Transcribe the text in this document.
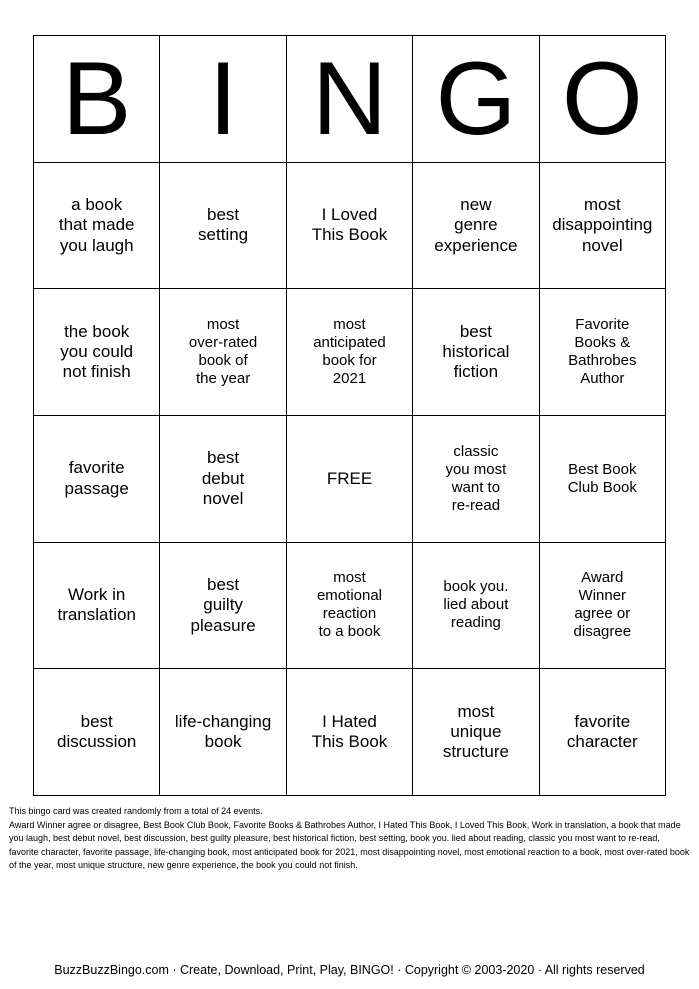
B I N G O
a book
that made
you laugh
best
setting
I Loved
This Book
new
genre
experience
most
disappointing
novel
the book
you could
not finish
most
over-rated
book of
the year
most
anticipated
book for
2021
best
historical
fiction
Favorite
Books &
Bathrobes
Author
favorite
passage
best
debut
novel
FREE
classic
you most
want to
re-read
Best Book
Club Book
Work in
translation
best
guilty
pleasure
most
emotional
reaction
to a book
book you.
lied about
reading
Award
Winner
agree or
disagree
best
discussion
life-changing
book
I Hated
This Book
most
unique
structure
favorite
character
This bingo card was created randomly from a total of 24 events.
Award Winner agree or disagree, Best Book Club Book, Favorite Books & Bathrobes Author, I Hated This Book, I Loved This Book, Work in translation, a book that made you laugh, best debut novel, best discussion, best guilty pleasure, best historical fiction, best setting, book you. lied about reading, classic you most want to re-read, favorite character, favorite passage, life-changing book, most anticipated book for 2021, most disappointing novel, most emotional reaction to a book, most over-rated book of the year, most unique structure, new genre experience, the book you could not finish.
BuzzBuzzBingo.com · Create, Download, Print, Play, BINGO! · Copyright © 2003-2020 · All rights reserved
